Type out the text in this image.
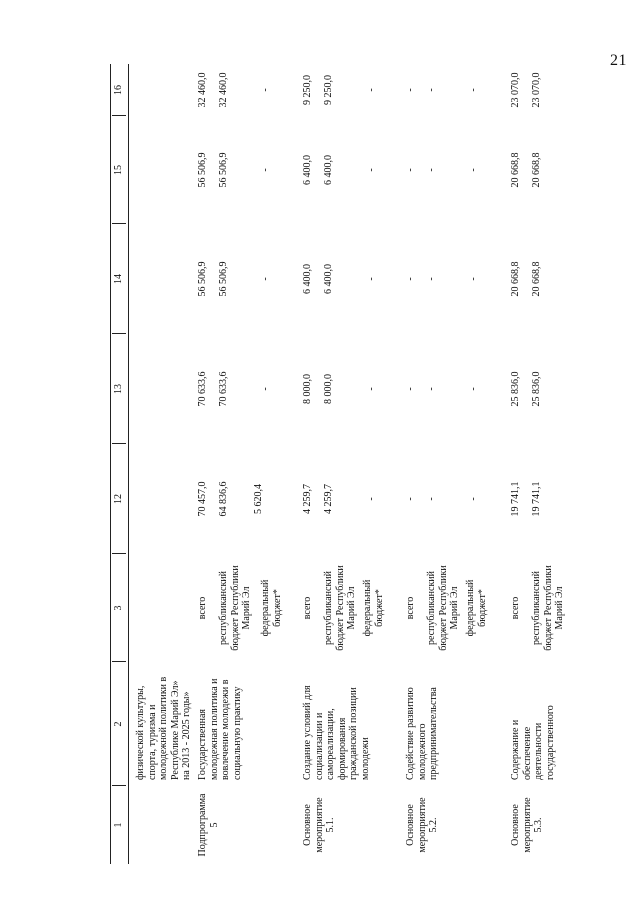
21
1
2
3
12
13
14
15
16
физической культуры,
спорта, туризма и
молодежной политики в
Республике Марий Эл»
на 2013 - 2025 годы»
Подпрограмма
5
Государственная
молодежная политика и
вовлечение молодежи в
социальную практику
всего
70 457,0
70 633,6
56 506,9
56 506,9
32 460,0
республиканский
бюджет Республики
Марий Эл
64 836,6
70 633,6
56 506,9
56 506,9
32 460,0
федеральный
бюджет*
5 620,4
-
-
-
-
Основное
мероприятие
5.1.
Создание условий для
социализации и
самореализации,
формирования
гражданской позиции
молодежи
всего
4 259,7
8 000,0
6 400,0
6 400,0
9 250,0
республиканский
бюджет Республики
Марий Эл
4 259,7
8 000,0
6 400,0
6 400,0
9 250,0
федеральный
бюджет*
-
-
-
-
-
Основное
мероприятие
5.2.
Содействие развитию
молодежного
предпринимательства
всего
-
-
-
-
-
республиканский
бюджет Республики
Марий Эл
-
-
-
-
-
федеральный
бюджет*
-
-
-
-
-
Основное
мероприятие
5.3.
Содержание и
обеспечение
деятельности
государственного
всего
19 741,1
25 836,0
20 668,8
20 668,8
23 070,0
республиканский
бюджет Республики
Марий Эл
19 741,1
25 836,0
20 668,8
20 668,8
23 070,0
